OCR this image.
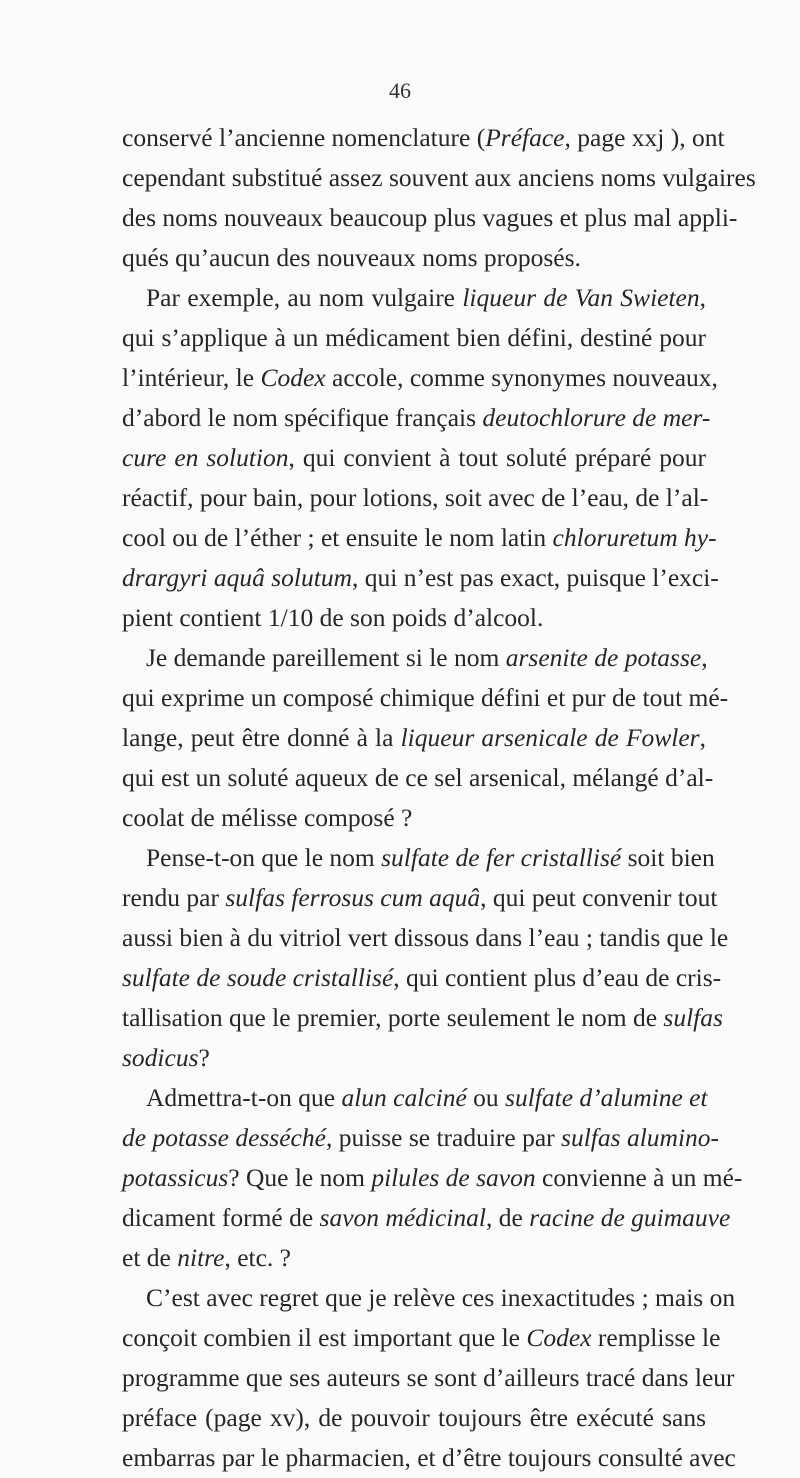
46
conservé l’ancienne nomenclature (Préface, page xxj ), ont
cependant substitué assez souvent aux anciens noms vulgaires
des noms nouveaux beaucoup plus vagues et plus mal appli-
qués qu’aucun des nouveaux noms proposés.
Par exemple, au nom vulgaire liqueur de Van Swieten,
qui s’applique à un médicament bien défini, destiné pour
l’intérieur, le Codex accole, comme synonymes nouveaux,
d’abord le nom spécifique français deutochlorure de mer-
cure en solution, qui convient à tout soluté préparé pour
réactif, pour bain, pour lotions, soit avec de l’eau, de l’al-
cool ou de l’éther ; et ensuite le nom latin chloruretum hy-
drargyri aquâ solutum, qui n’est pas exact, puisque l’exci-
pient contient 1/10 de son poids d’alcool.
Je demande pareillement si le nom arsenite de potasse,
qui exprime un composé chimique défini et pur de tout mé-
lange, peut être donné à la liqueur arsenicale de Fowler,
qui est un soluté aqueux de ce sel arsenical, mélangé d’al-
coolat de mélisse composé ?
Pense-t-on que le nom sulfate de fer cristallisé soit bien
rendu par sulfas ferrosus cum aquâ, qui peut convenir tout
aussi bien à du vitriol vert dissous dans l’eau ; tandis que le
sulfate de soude cristallisé, qui contient plus d’eau de cris-
tallisation que le premier, porte seulement le nom de sulfas
sodicus?
Admettra-t-on que alun calciné ou sulfate d’alumine et
de potasse desséché, puisse se traduire par sulfas alumino-
potassicus? Que le nom pilules de savon convienne à un mé-
dicament formé de savon médicinal, de racine de guimauve
et de nitre, etc. ?
C’est avec regret que je relève ces inexactitudes ; mais on
conçoit combien il est important que le Codex remplisse le
programme que ses auteurs se sont d’ailleurs tracé dans leur
préface (page xv), de pouvoir toujours être exécuté sans
embarras par le pharmacien, et d’être toujours consulté avec
